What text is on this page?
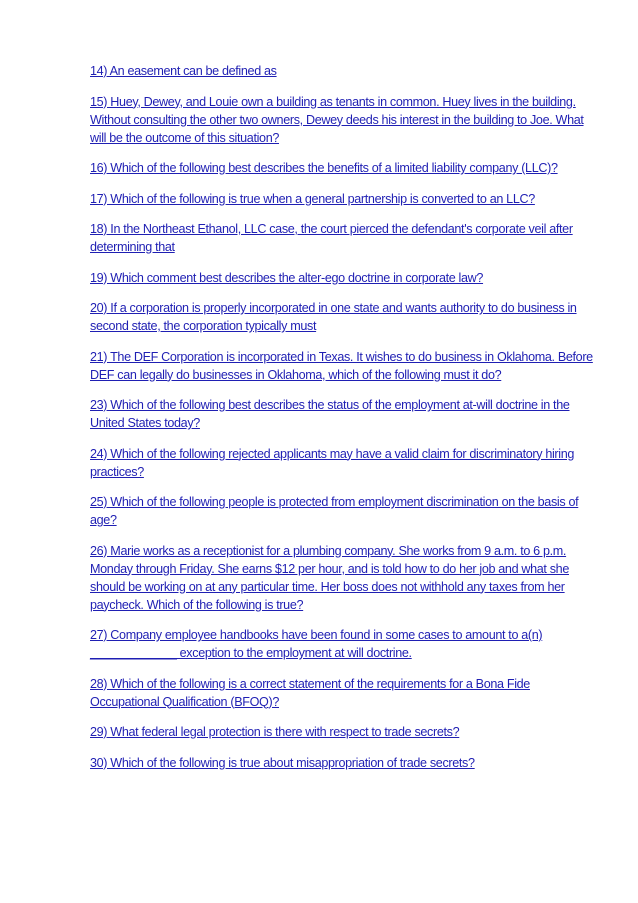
14) An easement can be defined as
15) Huey, Dewey, and Louie own a building as tenants in common. Huey lives in the building. Without consulting the other two owners, Dewey deeds his interest in the building to Joe. What will be the outcome of this situation?
16) Which of the following best describes the benefits of a limited liability company (LLC)?
17) Which of the following is true when a general partnership is converted to an LLC?
18) In the Northeast Ethanol, LLC case, the court pierced the defendant's corporate veil after determining that
19) Which comment best describes the alter-ego doctrine in corporate law?
20) If a corporation is properly incorporated in one state and wants authority to do business in second state, the corporation typically must
21) The DEF Corporation is incorporated in Texas. It wishes to do business in Oklahoma. Before DEF can legally do businesses in Oklahoma, which of the following must it do?
23) Which of the following best describes the status of the employment at-will doctrine in the United States today?
24) Which of the following rejected applicants may have a valid claim for discriminatory hiring practices?
25) Which of the following people is protected from employment discrimination on the basis of age?
26) Marie works as a receptionist for a plumbing company. She works from 9 a.m. to 6 p.m. Monday through Friday. She earns $12 per hour, and is told how to do her job and what she should be working on at any particular time. Her boss does not withhold any taxes from her paycheck. Which of the following is true?
27) Company employee handbooks have been found in some cases to amount to a(n) _____________ exception to the employment at will doctrine.
28) Which of the following is a correct statement of the requirements for a Bona Fide Occupational Qualification (BFOQ)?
29) What federal legal protection is there with respect to trade secrets?
30) Which of the following is true about misappropriation of trade secrets?
